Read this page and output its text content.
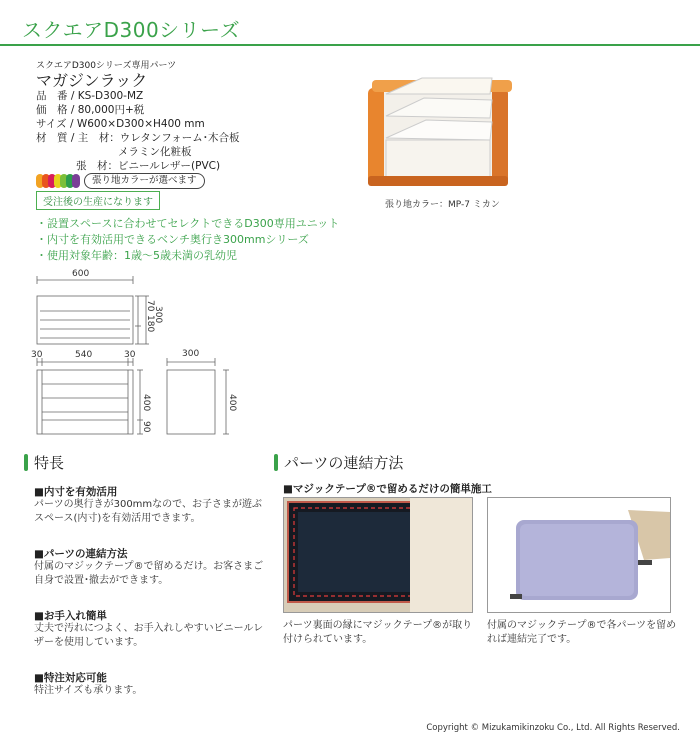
スクエアD300シリーズ
スクエアD300シリーズ専用パーツ
マガジンラック
品　番 / KS-D300-MZ
価　格 / 80,000円+税
サイズ / W600×D300×H400 mm
材　質 / 主　材：ウレタンフォーム･木合板
メラミン化粧板
張　材：ビニールレザー(PVC)
張り地カラーが選べます
受注後の生産になります	張り地カラー：MP-7 ミカン
・設置スペースに合わせてセレクトできるD300専用ユニット
・内寸を有効活用できるベンチ奥行き300mmシリーズ
・使用対象年齢：1歳～5歳未満の乳幼児
600
180
70
300
30	540	30
400
90
300
400
特長
■内寸を有効活用
パーツの奥行きが300mmなので、お子さまが遊ぶスペース(内寸)を有効活用できます。
■パーツの連結方法
付属のマジックテープ®で留めるだけ。お客さまご自身で設置･撤去ができます。
■お手入れ簡単
丈夫で汚れにつよく、お手入れしやすいビニールレザーを使用しています。
■特注対応可能
特注サイズも承ります。
パーツの連結方法
■マジックテープ®で留めるだけの簡単施工
パーツ裏面の縁にマジックテープ®が取り付けられています。
付属のマジックテープ®で各パーツを留めれば連結完了です。
Copyright © Mizukamikinzoku Co., Ltd. All Rights Reserved.
